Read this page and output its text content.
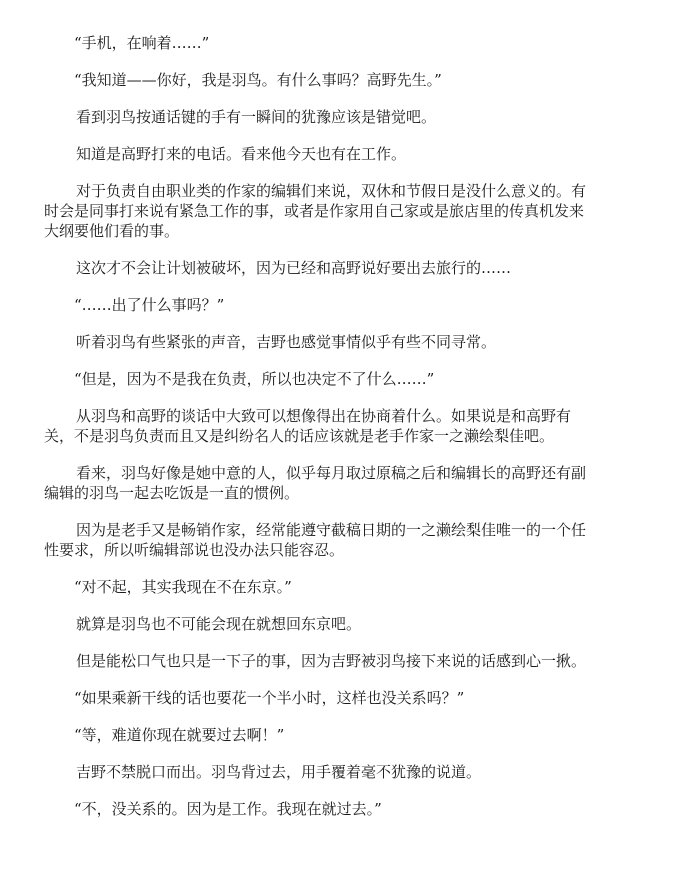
“手机，在响着……”
“我知道——你好，我是羽鸟。有什么事吗？高野先生。”
看到羽鸟按通话键的手有一瞬间的犹豫应该是错觉吧。
知道是高野打来的电话。看来他今天也有在工作。
对于负责自由职业类的作家的编辑们来说，双休和节假日是没什么意义的。有
时会是同事打来说有紧急工作的事，或者是作家用自己家或是旅店里的传真机发来
大纲要他们看的事。
这次才不会让计划被破坏，因为已经和高野说好要出去旅行的……
“……出了什么事吗？”
听着羽鸟有些紧张的声音，吉野也感觉事情似乎有些不同寻常。
“但是，因为不是我在负责，所以也决定不了什么……”
从羽鸟和高野的谈话中大致可以想像得出在协商着什么。如果说是和高野有
关，不是羽鸟负责而且又是纠纷名人的话应该就是老手作家一之濑绘梨佳吧。
看来，羽鸟好像是她中意的人，似乎每月取过原稿之后和编辑长的高野还有副
编辑的羽鸟一起去吃饭是一直的惯例。
因为是老手又是畅销作家，经常能遵守截稿日期的一之濑绘梨佳唯一的一个任
性要求，所以听编辑部说也没办法只能容忍。
“对不起，其实我现在不在东京。”
就算是羽鸟也不可能会现在就想回东京吧。
但是能松口气也只是一下子的事，因为吉野被羽鸟接下来说的话感到心一揪。
“如果乘新干线的话也要花一个半小时，这样也没关系吗？”
“等，难道你现在就要过去啊！”
吉野不禁脱口而出。羽鸟背过去，用手覆着毫不犹豫的说道。
“不，没关系的。因为是工作。我现在就过去。”
